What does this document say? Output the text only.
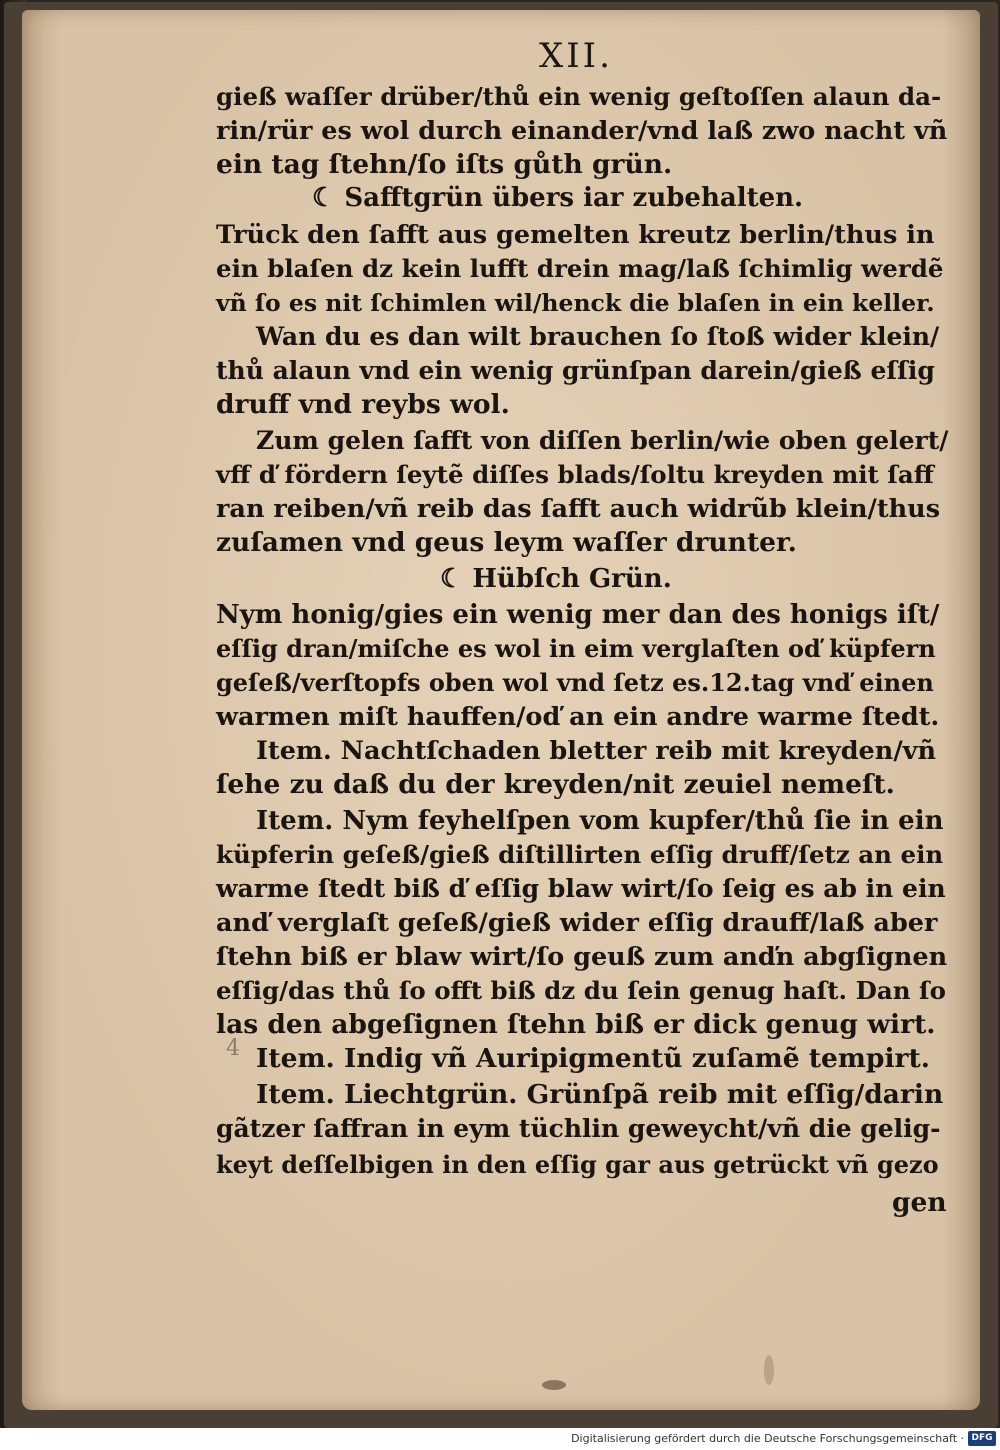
XII.
gieß waſſer drüber/thů ein wenig geſtoſſen alaun da-
rin/rür es wol durch einander/vnd laß zwo nacht vñ
ein tag ſtehn/ſo iſts gůth grün.
☾ Safftgrün übers iar zubehalten.
Trück den ſafft aus gemelten kreutz berlin/thus in
ein blaſen dz kein lufft drein mag/laß ſchimlig werdẽ
vñ ſo es nit ſchimlen wil/henck die blaſen in ein keller.
Wan du es dan wilt brauchen ſo ſtoß wider klein/
thů alaun vnd ein wenig grünſpan darein/gieß eſſig
druff vnd reybs wol.
Zum gelen ſafft von diſſen berlin/wie oben gelert/
vff ď fördern ſeytẽ diſſes blads/ſoltu kreyden mit ſaff
ran reiben/vñ reib das ſafft auch widrũb klein/thus
zuſamen vnd geus leym waſſer drunter.
☾ Hübſch Grün.
Nym honig/gies ein wenig mer dan des honigs iſt/
eſſig dran/miſche es wol in eim verglaſten oď küpfern
geſeß/verſtopfs oben wol vnd ſetz es.12.tag vnď einen
warmen miſt hauffen/oď an ein andre warme ſtedt.
Item. Nachtſchaden bletter reib mit kreyden/vñ
ſehe zu daß du der kreyden/nit zeuiel nemeſt.
Item. Nym feyhelſpen vom kupfer/thů ſie in ein
küpferin geſeß/gieß diſtillirten eſſig druff/ſetz an ein
warme ſtedt biß ď eſſig blaw wirt/ſo ſeig es ab in ein
anď verglaſt geſeß/gieß wider eſſig drauff/laß aber
ſtehn biß er blaw wirt/ſo geuß zum anďn abgſignen
eſſig/das thů ſo offt biß dz du ſein genug haſt. Dan ſo
las den abgeſignen ſtehn biß er dick genug wirt.
Item. Indig vñ Auripigmentũ zuſamẽ tempirt.
Item. Liechtgrün. Grünſpã reib mit eſſig/darin
gãtzer ſaffran in eym tüchlin geweycht/vñ die gelig-
keyt deſſelbigen in den eſſig gar aus getrückt vñ gezo
gen
4
Digitalisierung gefördert durch die Deutsche Forschungsgemeinschaft · DFG
